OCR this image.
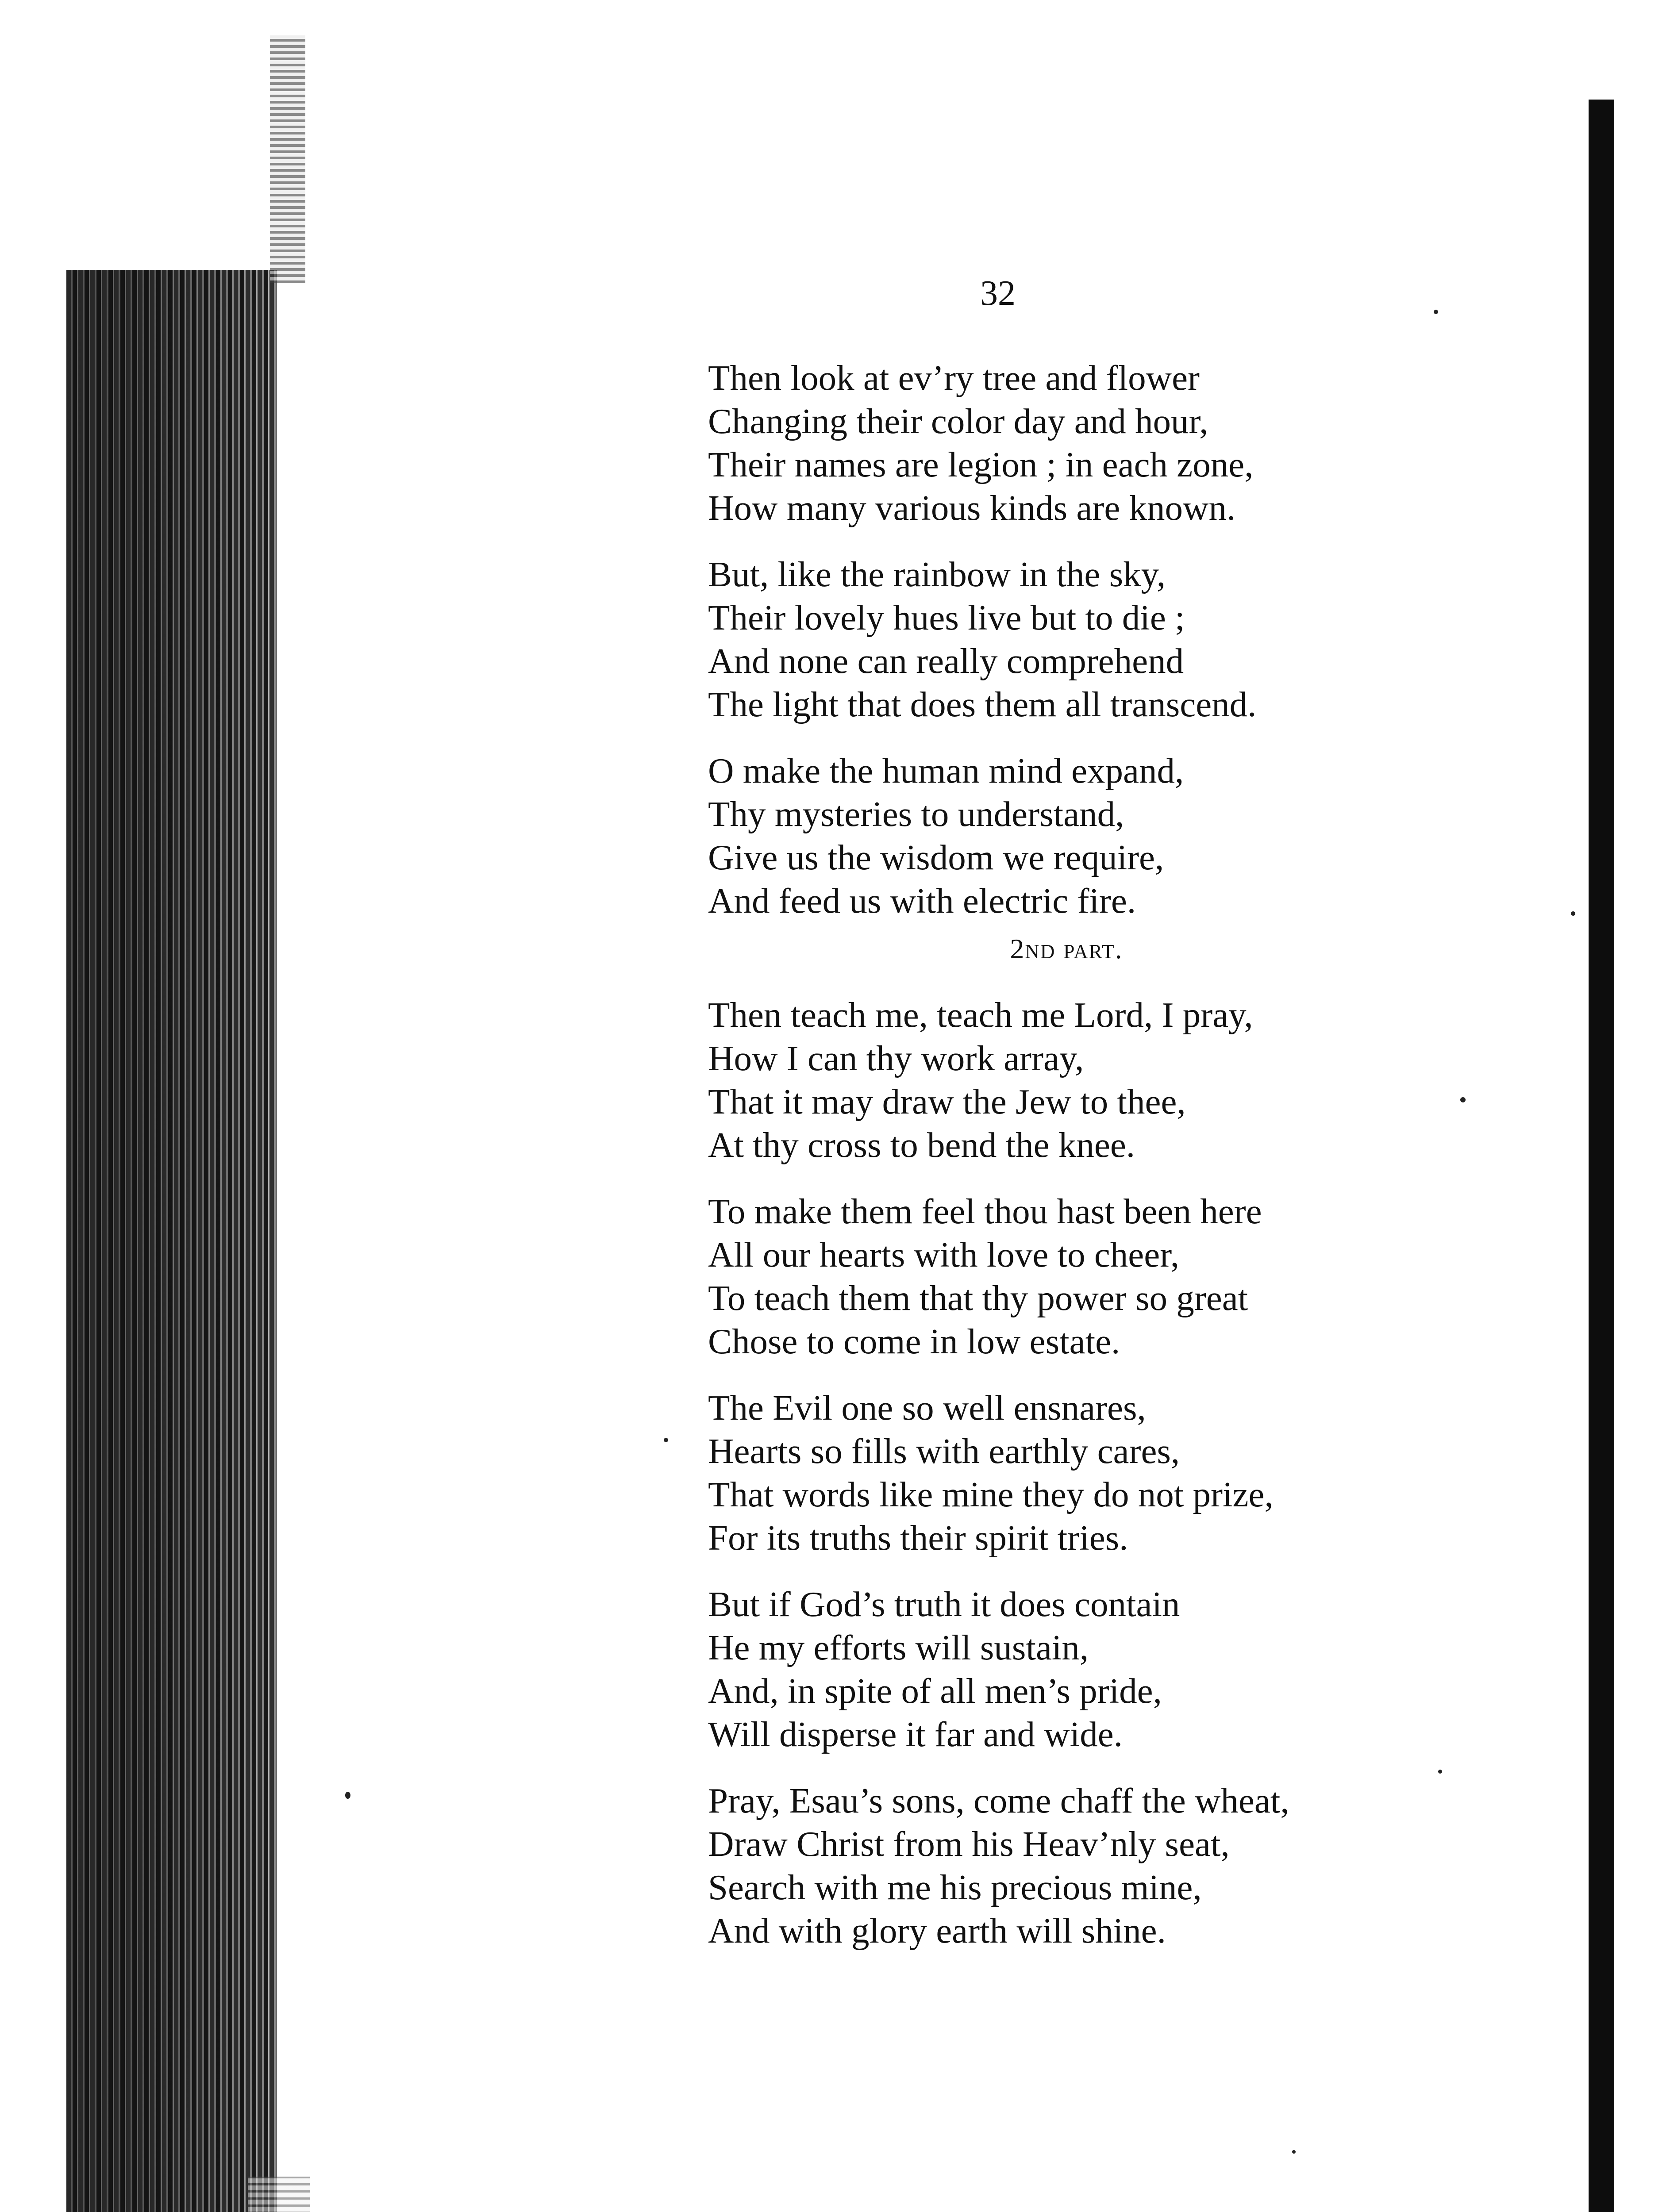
32
Then look at ev’ry tree and flower
Changing their color day and hour,
Their names are legion ; in each zone,
How many various kinds are known.
But, like the rainbow in the sky,
Their lovely hues live but to die ;
And none can really comprehend
The light that does them all transcend.
O make the human mind expand,
Thy mysteries to understand,
Give us the wisdom we require,
And feed us with electric fire.
2nd part.
Then teach me, teach me Lord, I pray,
How I can thy work array,
That it may draw the Jew to thee,
At thy cross to bend the knee.
To make them feel thou hast been here
All our hearts with love to cheer,
To teach them that thy power so great
Chose to come in low estate.
The Evil one so well ensnares,
Hearts so fills with earthly cares,
That words like mine they do not prize,
For its truths their spirit tries.
But if God’s truth it does contain
He my efforts will sustain,
And, in spite of all men’s pride,
Will disperse it far and wide.
Pray, Esau’s sons, come chaff the wheat,
Draw Christ from his Heav’nly seat,
Search with me his precious mine,
And with glory earth will shine.
